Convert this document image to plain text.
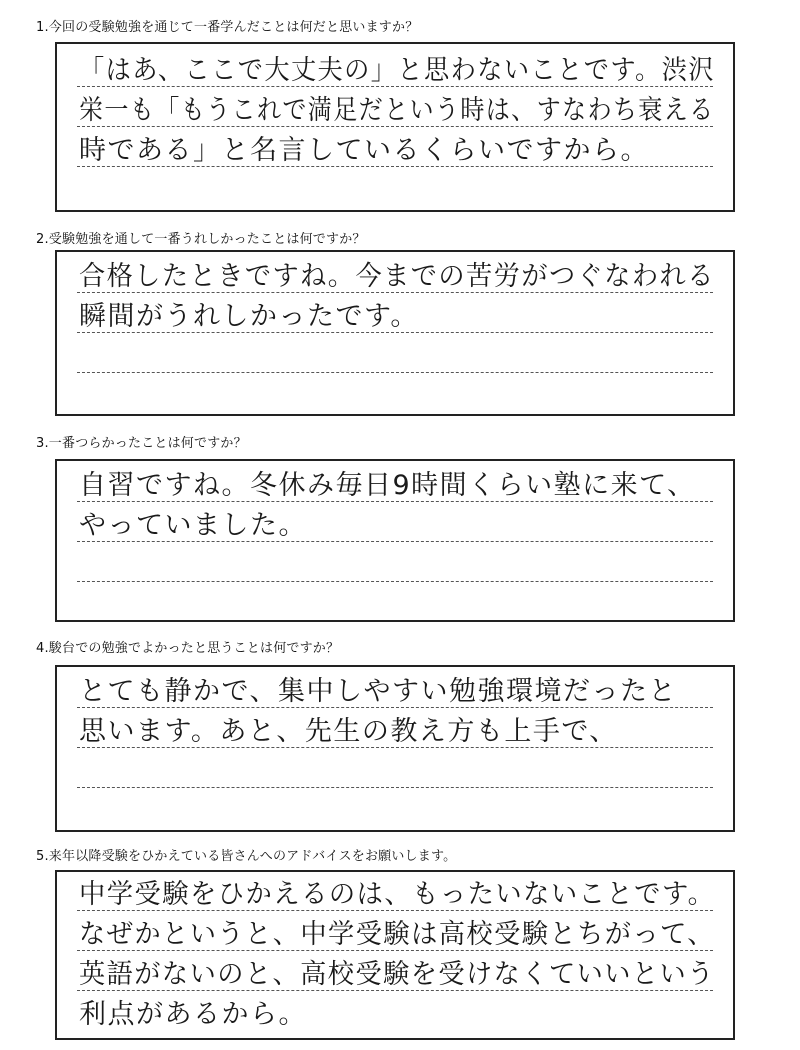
1.今回の受験勉強を通じて一番学んだことは何だと思いますか？
「はあ、ここで大丈夫の」と思わないことです。渋沢
栄一も「もうこれで満足だという時は、すなわち衰える
時である」と名言しているくらいですから。
2.受験勉強を通して一番うれしかったことは何ですか？
合格したときですね。今までの苦労がつぐなわれる
瞬間がうれしかったです。
3.一番つらかったことは何ですか？
自習ですね。冬休み毎日9時間くらい塾に来て、
やっていました。
4.駿台での勉強でよかったと思うことは何ですか？
とても静かで、集中しやすい勉強環境だったと
思います。あと、先生の教え方も上手で、
5.来年以降受験をひかえている皆さんへのアドバイスをお願いします。
中学受験をひかえるのは、もったいないことです。
なぜかというと、中学受験は高校受験とちがって、
英語がないのと、高校受験を受けなくていいという
利点があるから。
